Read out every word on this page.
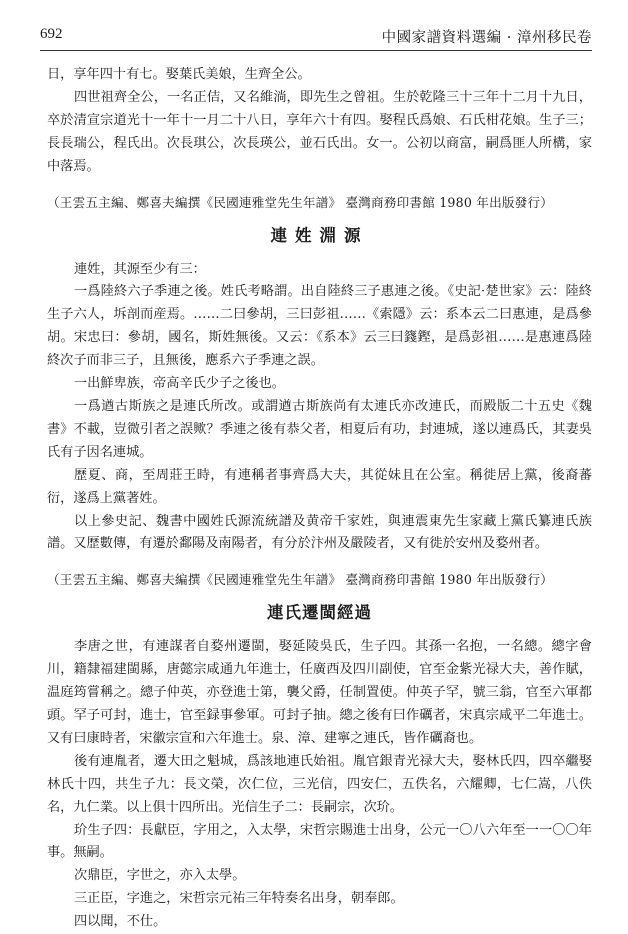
692	中國家譜資料選編 · 漳州移民卷

日，享年四十有七。娶葉氏美娘，生齊全公。

四世祖齊全公，一名正佶，又名維淌，即先生之曾祖。生於乾隆三十三年十二月十九日，卒於清宣宗道光十一年十一月二十八日，享年六十有四。娶程氏爲娘、石氏柑花娘。生子三；長長瑞公，程氏出。次長琪公，次長瑛公，並石氏出。女一。公初以商富，嗣爲匪人所構，家中落焉。

（王雲五主編、鄭喜夫編撰《民國連雅堂先生年譜》 臺灣商務印書館 1980 年出版發行）

連姓淵源

連姓，其源至少有三：

一爲陸終六子季連之後。姓氏考略謂。出自陸終三子惠連之後。《史記·楚世家》云：陸終生子六人，坼剖而産焉。……二曰參胡，三曰彭祖……《索隱》云：系本云二曰惠連，是爲參胡。宋忠曰：參胡，國名，斯姓無後。又云：《系本》云三曰籛鏗，是爲彭祖……是惠連爲陸終次子而非三子，且無後，應系六子季連之誤。

一出鮮卑族，帝高辛氏少子之後也。

一爲遒古斯族之是連氏所改。或謂遒古斯族尚有太連氏亦改連氏，而殿版二十五史《魏書》不載，豈微引者之誤歟？季連之後有恭父者，相夏后有功，封連城，遂以連爲氏，其妻吳氏有子因名連城。

歷夏、商，至周莊王時，有連稱者事齊爲大夫，其從妹且在公室。稱徙居上黨，後裔蕃衍，遂爲上黨著姓。

以上參史記、魏書中國姓氏源流統譜及黄帝千家姓，與連震東先生家藏上黨氏纂連氏族譜。又歷數傳，有遷於鄱陽及南陽者，有分於汴州及嚴陵者，又有徙於安州及婺州者。

（王雲五主編、鄭喜夫編撰《民國連雅堂先生年譜》 臺灣商務印書館 1980 年出版發行）

連氏遷閩經過

李唐之世，有連謀者自婺州遷閩，娶延陵吳氏，生子四。其孫一名抱，一名總。總字會川，籍隸福建閩縣，唐懿宗咸通九年進士，任廣西及四川副使，官至金紫光禄大夫，善作賦，温庭筠嘗稱之。總子仲英，亦登進士第，襲父爵，任制置使。仲英子罕，號三翁，官至六軍都頭。罕子可封，進士，官至録事參軍。可封子抽。總之後有曰作礪者，宋真宗咸平二年進士。又有曰康時者，宋徽宗宣和六年進士。泉、漳、建寧之連氏，皆作礪裔也。

後有連胤者，遷大田之魁城，爲該地連氏始祖。胤官銀青光禄大夫，娶林氏四，四卒繼娶林氏十四，共生子九：長文榮，次仁位，三光信，四安仁，五佚名，六耀卿，七仁嵩，八佚名，九仁業。以上俱十四所出。光信生子二：長嗣宗，次玠。

玠生子四：長獻臣，字用之，入太學，宋哲宗賜進士出身，公元一〇八六年至一一〇〇年事。無嗣。

次鼎臣，字世之，亦入太學。

三正臣，字進之，宋哲宗元祐三年特奏名出身，朝奉郎。

四以聞，不仕。
